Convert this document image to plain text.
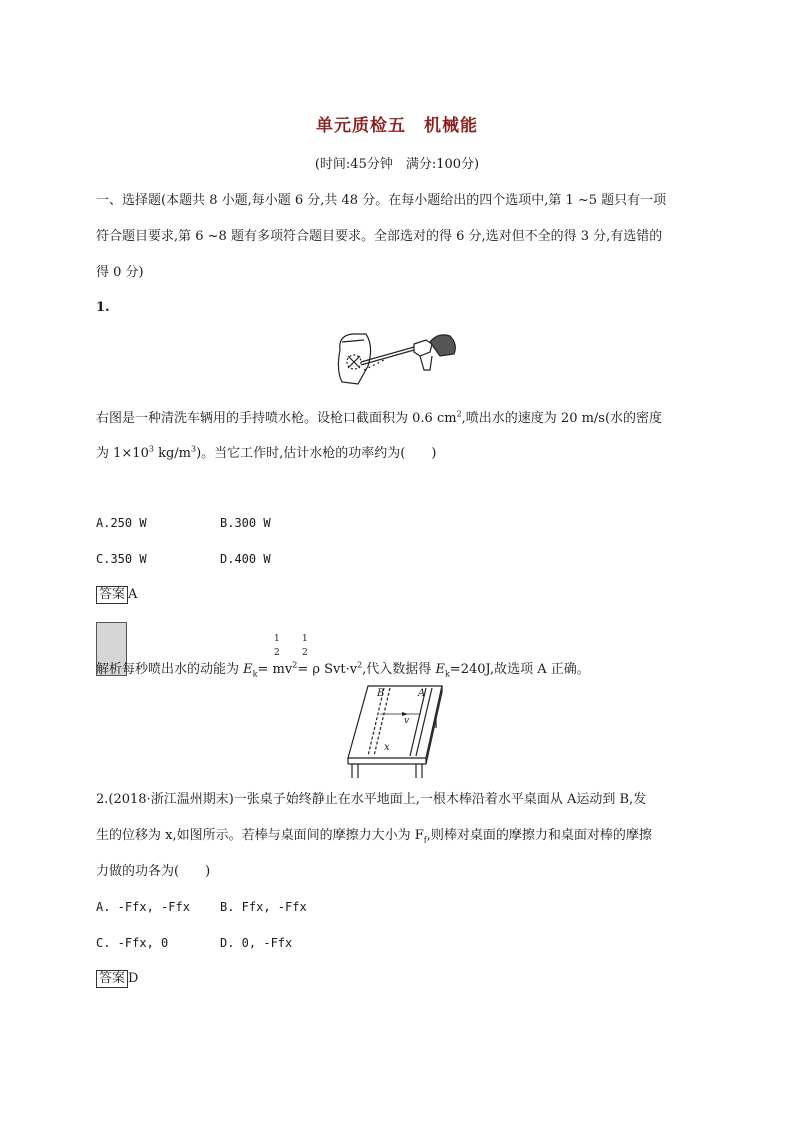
单元质检五　机械能
(时间:45分钟　满分:100分)
一、选择题(本题共 8 小题,每小题 6 分,共 48 分。在每小题给出的四个选项中,第 1 ~5 题只有一项
符合题目要求,第 6 ~8 题有多项符合题目要求。全部选对的得 6 分,选对但不全的得 3 分,有选错的
得 0 分)
1.
右图是一种清洗车辆用的手持喷水枪。设枪口截面积为 0.6 $cm^2$,喷出水的速度为 20 m/s(水的密度
为 $1\times 10^3$ $kg/m^3$)。当它工作时,估计水枪的功率约为(　　)
A.250 W	B.300 W
C.350 W	D.400 W
答案 A
1
2
1
2
解析每秒喷出水的动能为 $E_k= mv^2= \rho$ $Svt\cdot v^2$,代入数据得 $E_k=240J$,故选项 A 正确。
B	A
v
x
2.(2018·浙江温州期末)一张桌子始终静止在水平地面上,一根木棒沿着水平桌面从 A运动到 B,发
生的位移为 x,如图所示。若棒与桌面间的摩擦力大小为 $F_f$,则棒对桌面的摩擦力和桌面对棒的摩擦
力做的功各为(　　)
A. -Ffx, -Ffx	B. Ffx, -Ffx
C. -Ffx, 0	D. 0, -Ffx
答案 D
